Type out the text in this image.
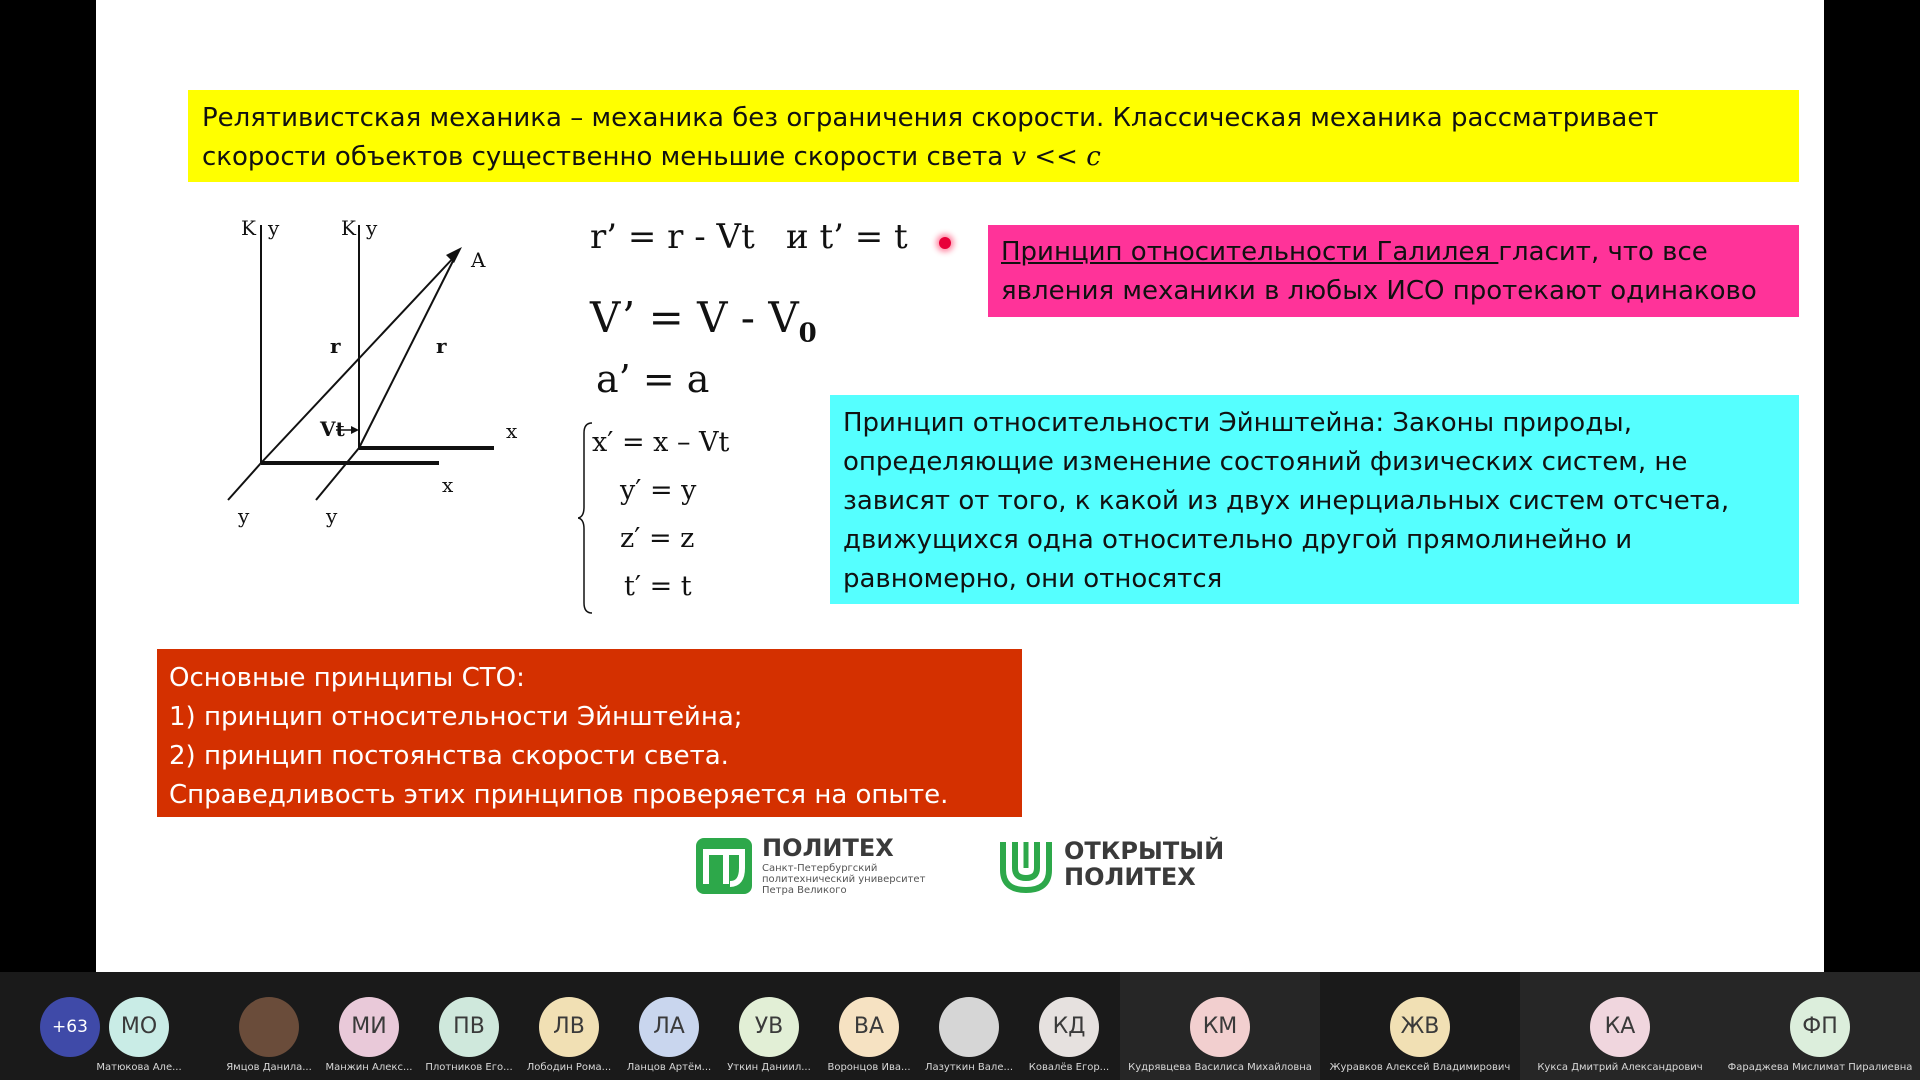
Релятивистская механика – механика без ограничения скорости. Классическая механика рассматривает скорости объектов существенно меньшие скорости света v << c
K y	K y
A
r	r
Vt	x
x
y	y
r’ = r - Vt и t’ = t
V’ = V - $V_0$
a’ = a
x′ = x – Vt
y′ = y
z′ = z
t′ = t
Принцип относительности Галилея гласит, что все явления механики в любых ИСО протекают одинаково
Принцип относительности Эйнштейна: Законы природы, определяющие изменение состояний физических систем, не зависят от того, к какой из двух инерциальных систем отсчета, движущихся одна относительно другой прямолинейно и равномерно, они относятся
Основные принципы СТО:
1) принцип относительности Эйнштейна;
2) принцип постоянства скорости света.
Справедливость этих принципов проверяется на опыте.
ПОЛИТЕХ
Санкт-Петербургский
политехнический университет
Петра Великого
ОТКРЫТЫЙ
ПОЛИТЕХ
+63	МО
Матюкова Але...	Ямцов Данила...
МИ
Манжин Алекс...
ПВ
Плотников Его...
ЛВ
Лободин Рома...
ЛА
Ланцов Артём...
УВ
Уткин Даниил...
ВА
Воронцов Ива...	Лазуткин Вале...
КД
Ковалёв Егор...
КМ
Кудрявцева Василиса Михайловна
ЖВ
Журавков Алексей Владимирович
КА
Кукса Дмитрий Александрович
ФП
Фараджева Мислимат Пиралиевна
